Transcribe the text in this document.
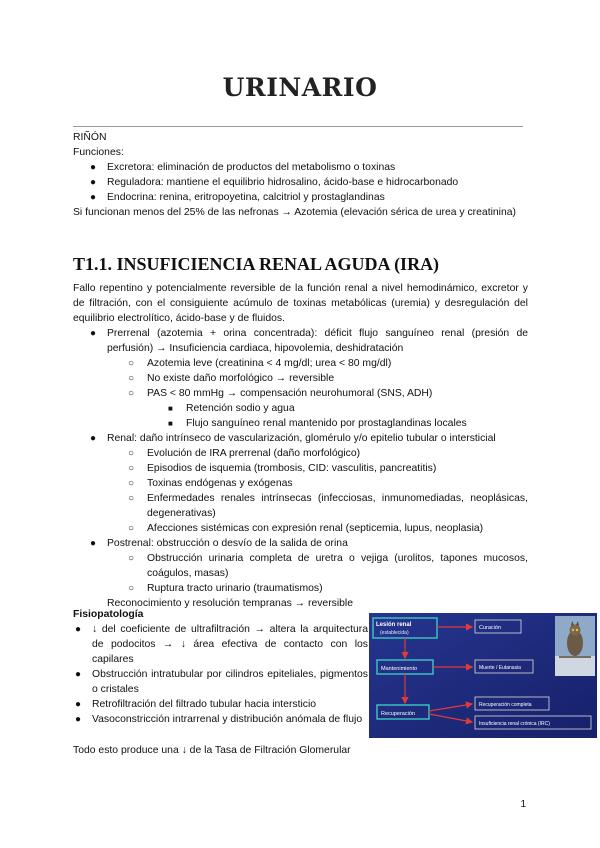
URINARIO

RIÑÓN

Funciones:

● Excretora: eliminación de productos del metabolismo o toxinas
● Reguladora: mantiene el equilibrio hidrosalino, ácido-base e hidrocarbonado
● Endocrina: renina, eritropoyetina, calcitriol y prostaglandinas

Si funcionan menos del 25% de las nefronas → Azotemia (elevación sérica de urea y creatinina)

T1.1. INSUFICIENCIA RENAL AGUDA (IRA)

Fallo repentino y potencialmente reversible de la función renal a nivel hemodinámico, excretor y de filtración, con el consiguiente acúmulo de toxinas metabólicas (uremia) y desregulación del equilibrio electrolítico, ácido-base y de fluidos.

● Prerrenal (azotemia + orina concentrada): déficit flujo sanguíneo renal (presión de perfusión) → Insuficiencia cardiaca, hipovolemia, deshidratación
○ Azotemia leve (creatinina < 4 mg/dl; urea < 80 mg/dl)
○ No existe daño morfológico → reversible
○ PAS < 80 mmHg → compensación neurohumoral (SNS, ADH)
■ Retención sodio y agua
■ Flujo sanguíneo renal mantenido por prostaglandinas locales
● Renal: daño intrínseco de vascularización, glomérulo y/o epitelio tubular o intersticial
○ Evolución de IRA prerrenal (daño morfológico)
○ Episodios de isquemia (trombosis, CID: vasculitis, pancreatitis)
○ Toxinas endógenas y exógenas
○ Enfermedades renales intrínsecas (infecciosas, inmunomediadas, neoplásicas, degenerativas)
○ Afecciones sistémicas con expresión renal (septicemia, lupus, neoplasia)
● Postrenal: obstrucción o desvío de la salida de orina
○ Obstrucción urinaria completa de uretra o vejiga (urolitos, tapones mucosos, coágulos, masas)
○ Ruptura tracto urinario (traumatismos)
Reconocimiento y resolución tempranas → reversible

Fisiopatología

● ↓ del coeficiente de ultrafiltración → altera la arquitectura de podocitos → ↓ área efectiva de contacto con los capilares
● Obstrucción intratubular por cilindros epiteliales, pigmentos o cristales
● Retrofiltración del filtrado tubular hacia intersticio
● Vasoconstricción intrarrenal y distribución anómala de flujo

Todo esto produce una ↓ de la Tasa de Filtración Glomerular

Lesión renal
(establecida)
Curación
Mantenimiento	Muerte / Eutanasia
Recuperación completa
Recuperación
Insuficiencia renal crónica (IRC)
1
